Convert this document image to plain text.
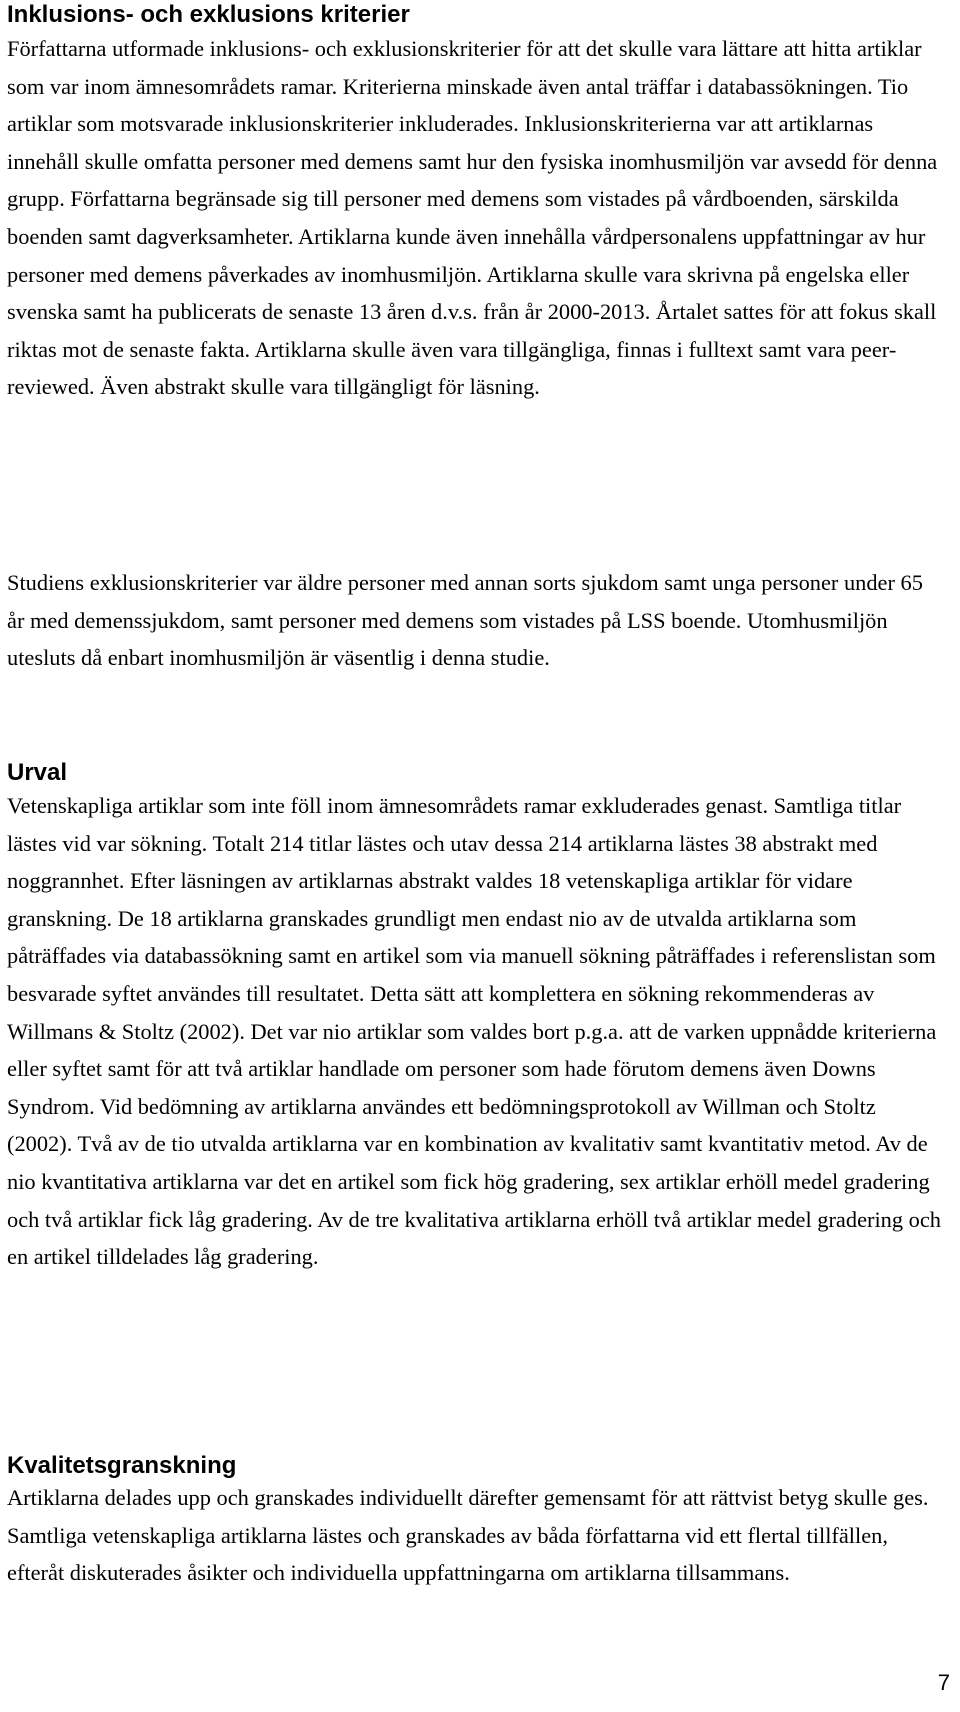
Inklusions- och exklusions kriterier

Författarna utformade inklusions- och exklusionskriterier för att det skulle vara lättare att hitta artiklar som var inom ämnesområdets ramar. Kriterierna minskade även antal träffar i databassökningen. Tio artiklar som motsvarade inklusionskriterier inkluderades. Inklusionskriterierna var att artiklarnas innehåll skulle omfatta personer med demens samt hur den fysiska inomhusmiljön var avsedd för denna grupp. Författarna begränsade sig till personer med demens som vistades på vårdboenden, särskilda boenden samt dagverksamheter. Artiklarna kunde även innehålla vårdpersonalens uppfattningar av hur personer med demens påverkades av inomhusmiljön. Artiklarna skulle vara skrivna på engelska eller svenska samt ha publicerats de senaste 13 åren d.v.s. från år 2000-2013. Årtalet sattes för att fokus skall riktas mot de senaste fakta. Artiklarna skulle även vara tillgängliga, finnas i fulltext samt vara peer-reviewed. Även abstrakt skulle vara tillgängligt för läsning.

Studiens exklusionskriterier var äldre personer med annan sorts sjukdom samt unga personer under 65 år med demenssjukdom, samt personer med demens som vistades på LSS boende. Utomhusmiljön utesluts då enbart inomhusmiljön är väsentlig i denna studie.

Urval

Vetenskapliga artiklar som inte föll inom ämnesområdets ramar exkluderades genast. Samtliga titlar lästes vid var sökning. Totalt 214 titlar lästes och utav dessa 214 artiklarna lästes 38 abstrakt med noggrannhet. Efter läsningen av artiklarnas abstrakt valdes 18 vetenskapliga artiklar för vidare granskning. De 18 artiklarna granskades grundligt men endast nio av de utvalda artiklarna som påträffades via databassökning samt en artikel som via manuell sökning påträffades i referenslistan som besvarade syftet användes till resultatet. Detta sätt att komplettera en sökning rekommenderas av Willmans & Stoltz (2002). Det var nio artiklar som valdes bort p.g.a. att de varken uppnådde kriterierna eller syftet samt för att två artiklar handlade om personer som hade förutom demens även Downs Syndrom. Vid bedömning av artiklarna användes ett bedömningsprotokoll av Willman och Stoltz (2002). Två av de tio utvalda artiklarna var en kombination av kvalitativ samt kvantitativ metod. Av de nio kvantitativa artiklarna var det en artikel som fick hög gradering, sex artiklar erhöll medel gradering och två artiklar fick låg gradering. Av de tre kvalitativa artiklarna erhöll två artiklar medel gradering och en artikel tilldelades låg gradering.

Kvalitetsgranskning

Artiklarna delades upp och granskades individuellt därefter gemensamt för att rättvist betyg skulle ges. Samtliga vetenskapliga artiklarna lästes och granskades av båda författarna vid ett flertal tillfällen, efteråt diskuterades åsikter och individuella uppfattningarna om artiklarna tillsammans.

7
